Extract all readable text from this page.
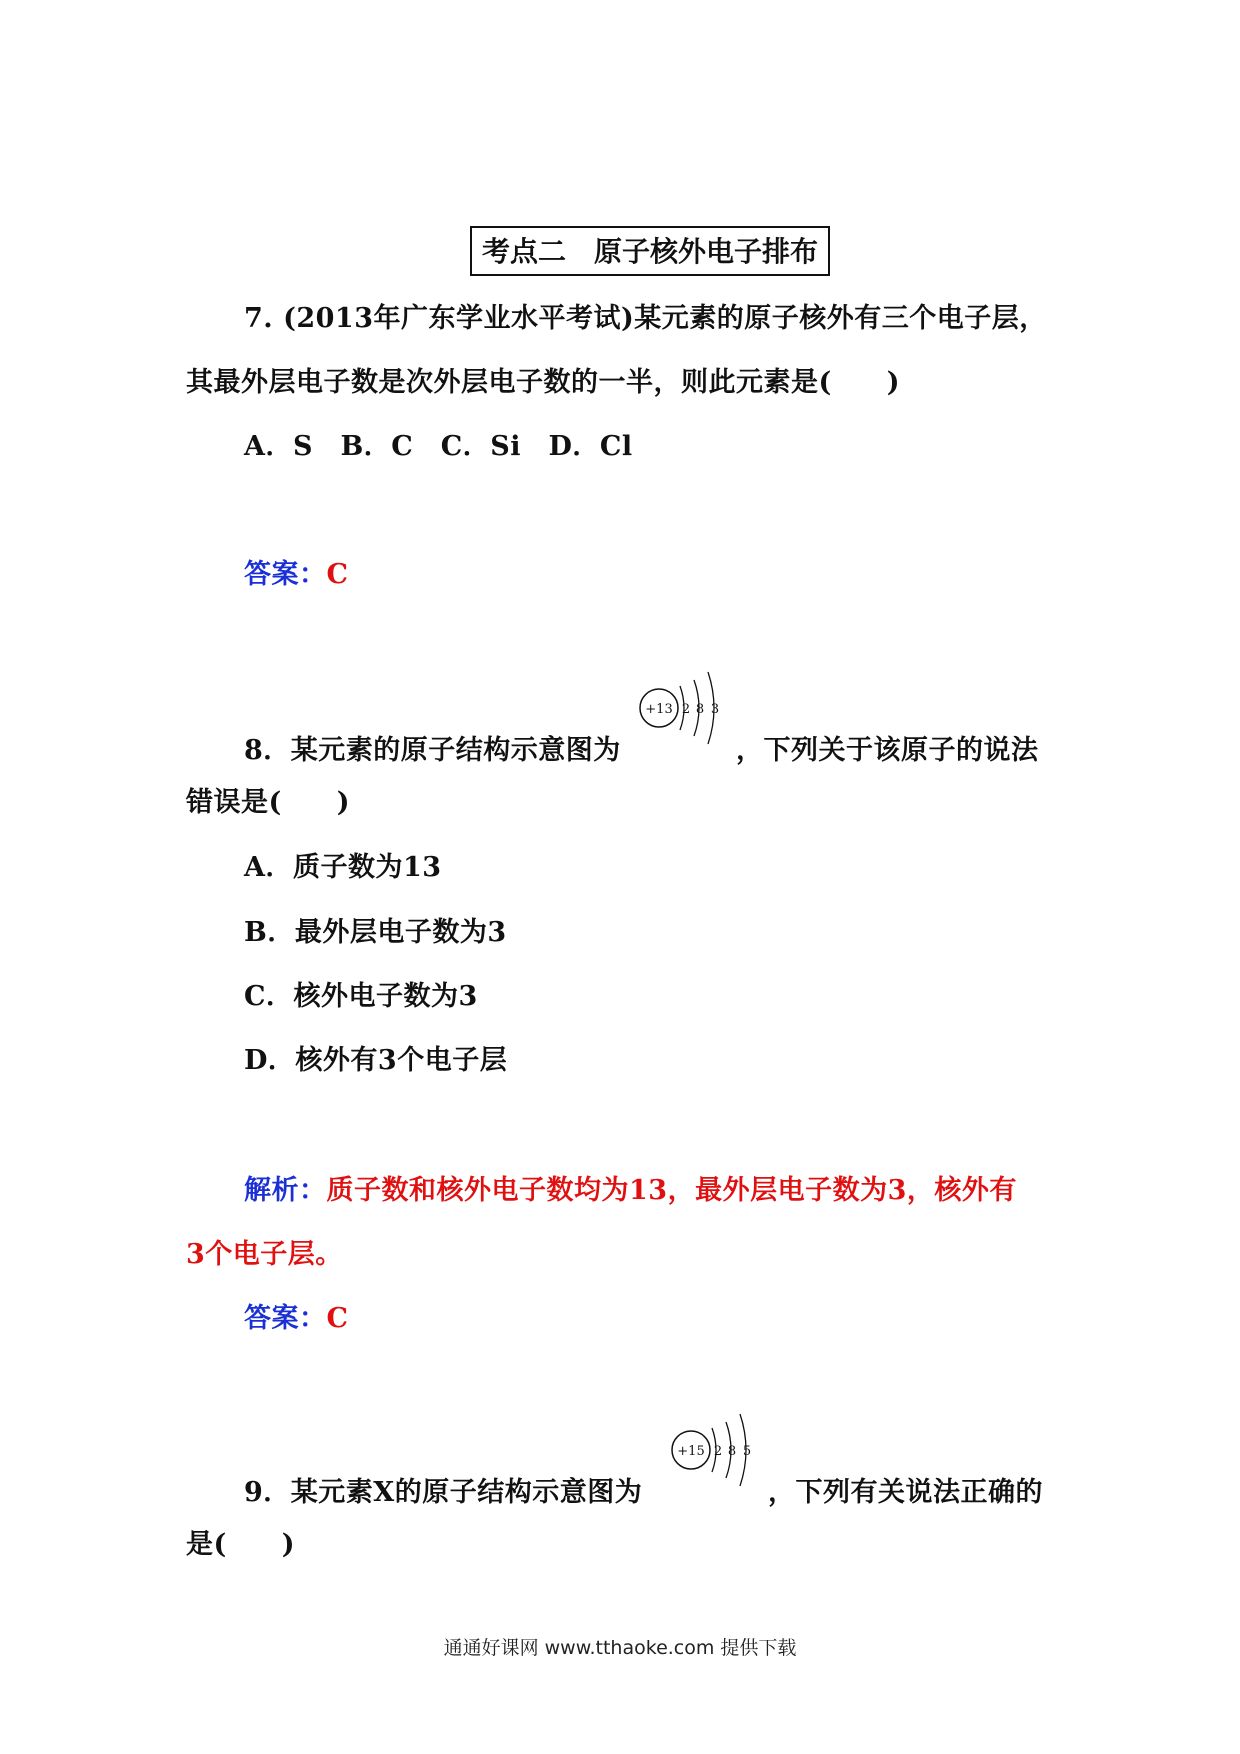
考点二　原子核外电子排布
7. (2013年广东学业水平考试)某元素的原子核外有三个电子层，
其最外层电子数是次外层电子数的一半，则此元素是(　　)
A．S　B．C　C．Si　D．Cl
答案：C
8．某元素的原子结构示意图为
+13 2 8 3
，下列关于该原子的说法
错误是(　　)
A．质子数为13
B．最外层电子数为3
C．核外电子数为3
D．核外有3个电子层
解析：质子数和核外电子数均为13，最外层电子数为3，核外有
3个电子层。
答案：C
9．某元素X的原子结构示意图为
+15 2 8 5
，下列有关说法正确的
是(　　)
通通好课网 www.tthaoke.com 提供下载
